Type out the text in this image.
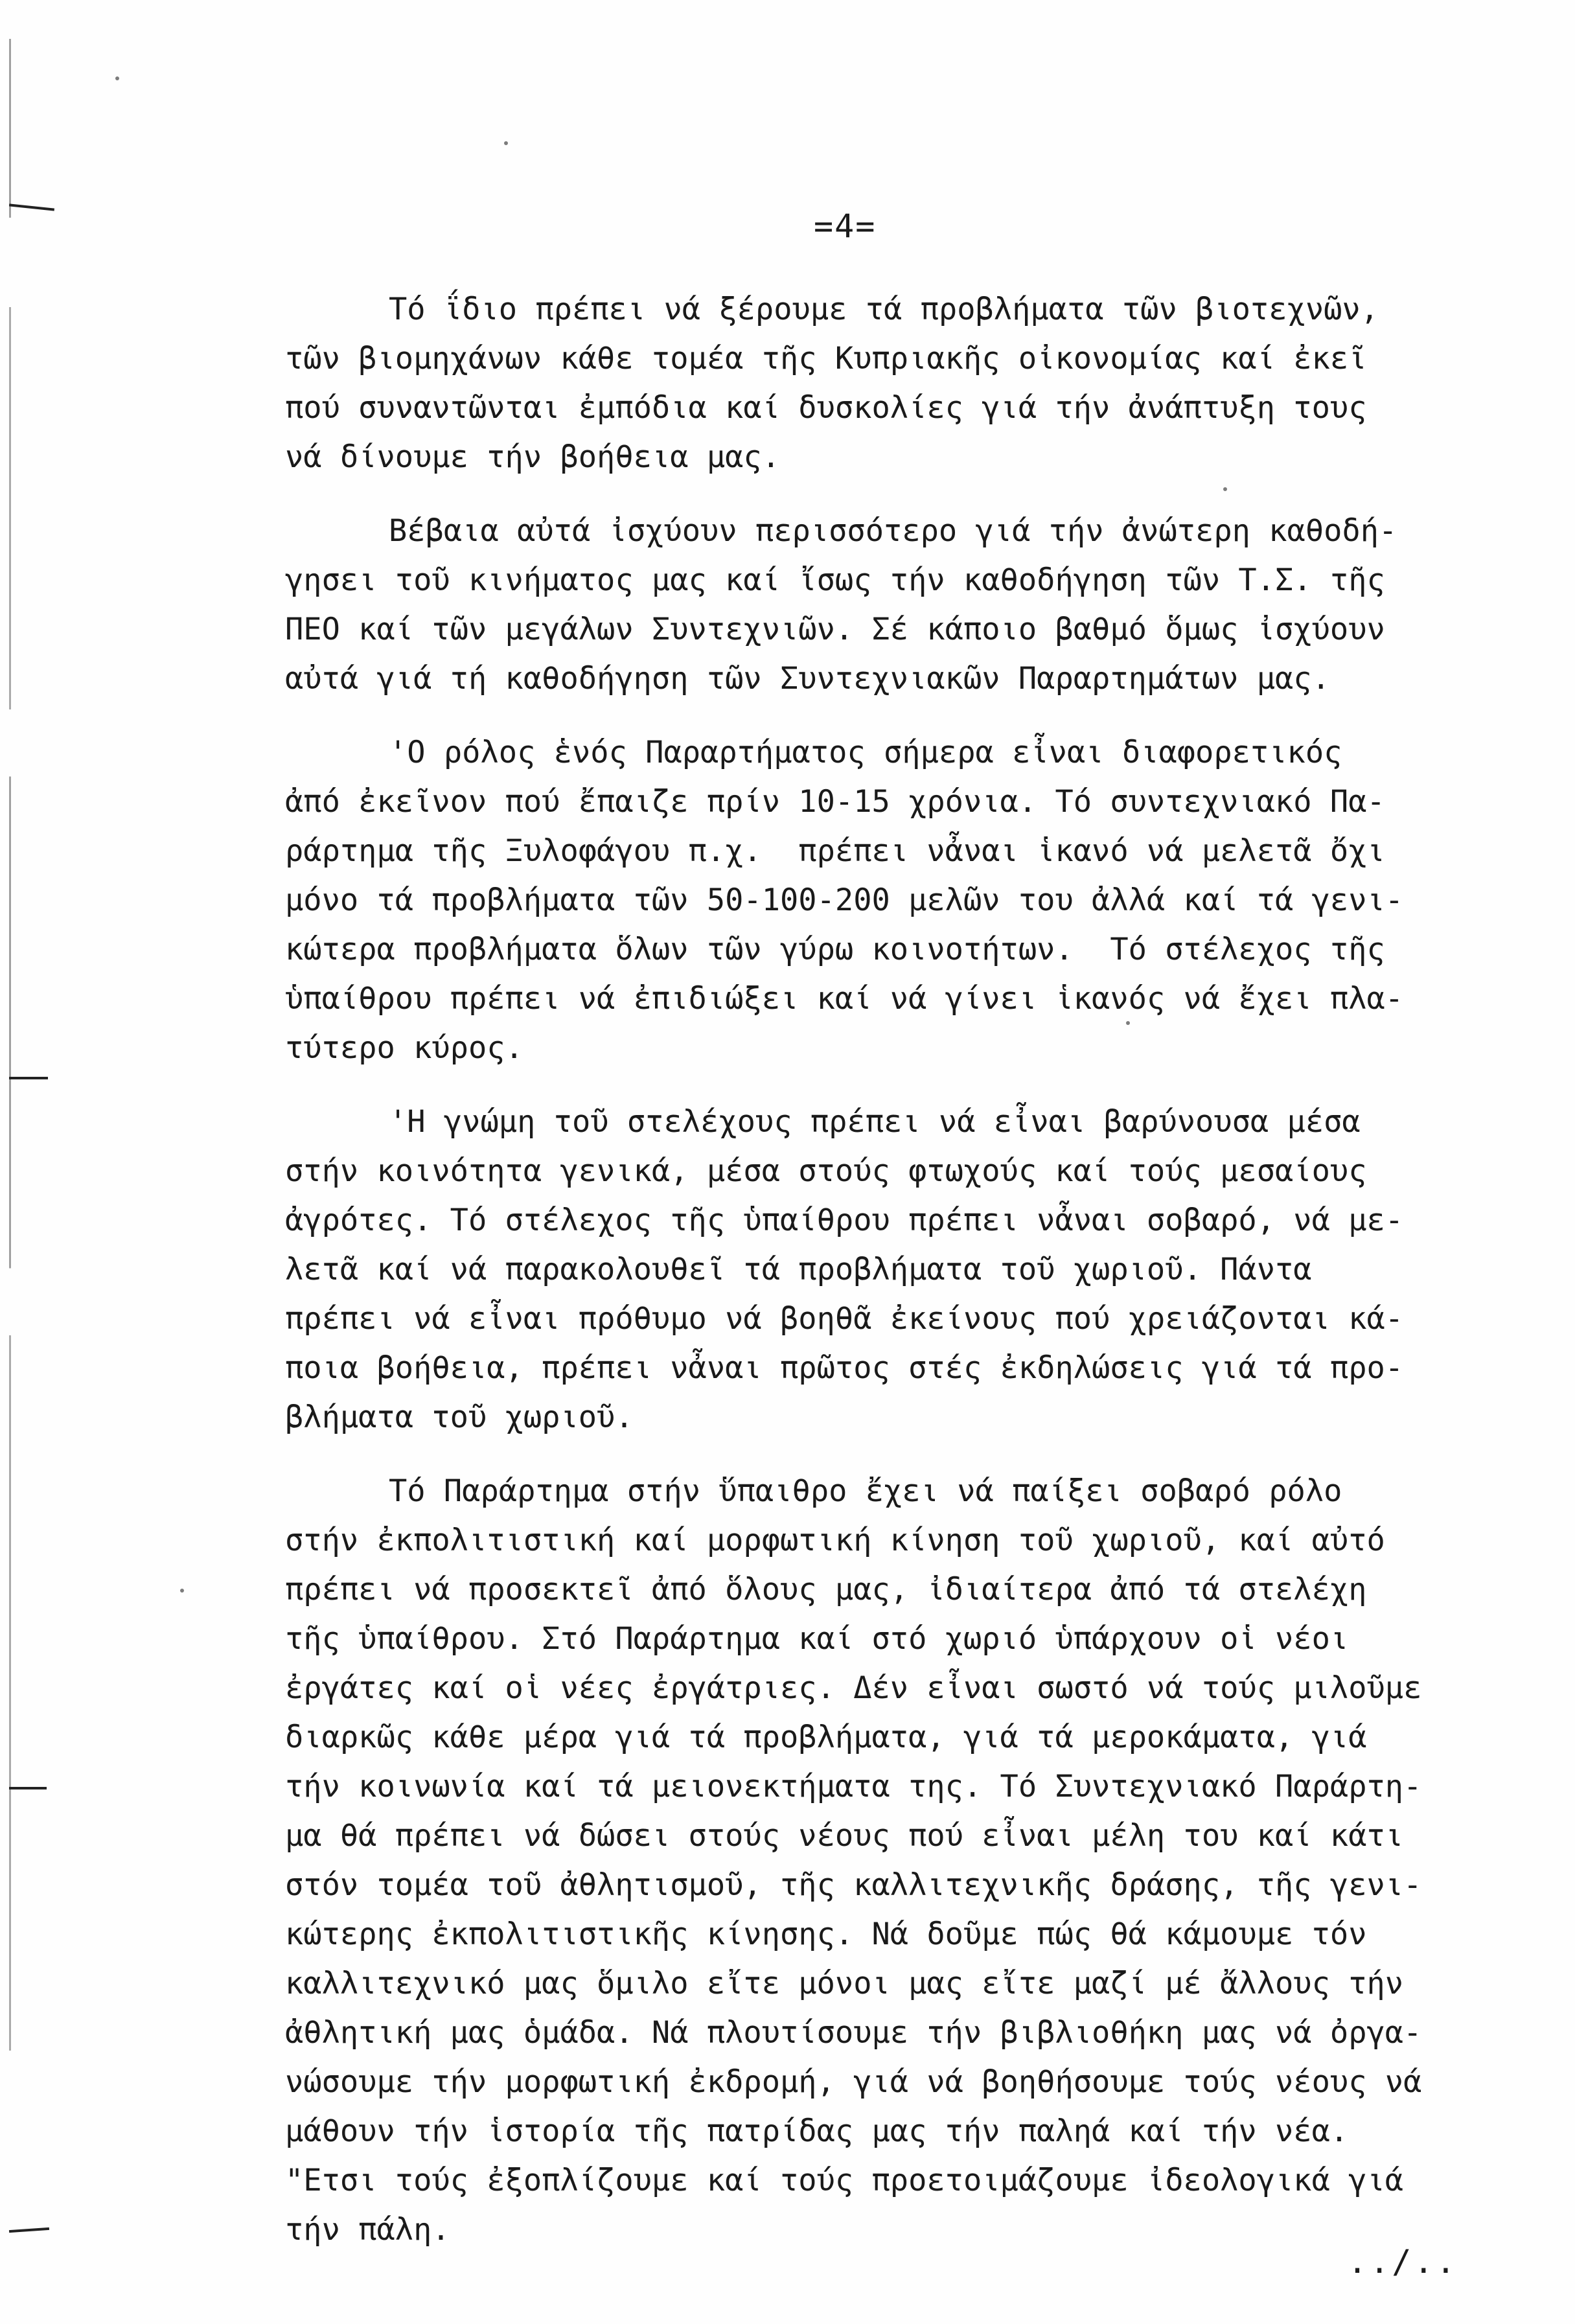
=4=
Τό ΐδιο πρέπει νά ξέρουμε τά προβλήματα τῶν βιοτεχνῶν,
τῶν βιομηχάνων κάθε τομέα τῆς Κυπριακῆς οἰκονομίας καί ἐκεῖ
πού συναντῶνται ἐμπόδια καί δυσκολίες γιά τήν ἀνάπτυξη τους
νά δίνουμε τήν βοήθεια μας.
Βέβαια αὐτά ἰσχύουν περισσότερο γιά τήν ἀνώτερη καθοδή-
γησει τοῦ κινήματος μας καί ἴσως τήν καθοδήγηση τῶν Τ.Σ. τῆς
ΠΕΟ καί τῶν μεγάλων Συντεχνιῶν. Σέ κάποιο βαθμό ὅμως ἰσχύουν
αὐτά γιά τή καθοδήγηση τῶν Συντεχνιακῶν Παραρτημάτων μας.
'Ο ρόλος ἑνός Παραρτήματος σήμερα εἶναι διαφορετικός
ἀπό ἐκεῖνον πού ἔπαιζε πρίν 10-15 χρόνια. Τό συντεχνιακό Πα-
ράρτημα τῆς Ξυλοφάγου π.χ.  πρέπει νἆναι ἱκανό νά μελετᾶ ὄχι
μόνο τά προβλήματα τῶν 50-100-200 μελῶν του ἀλλά καί τά γενι-
κώτερα προβλήματα ὅλων τῶν γύρω κοινοτήτων.  Τό στέλεχος τῆς
ὑπαίθρου πρέπει νά ἐπιδιώξει καί νά γίνει ἱκανός νά ἔχει πλα-
τύτερο κύρος.
'Η γνώμη τοῦ στελέχους πρέπει νά εἶναι βαρύνουσα μέσα
στήν κοινότητα γενικά, μέσα στούς φτωχούς καί τούς μεσαίους
ἀγρότες. Τό στέλεχος τῆς ὑπαίθρου πρέπει νἆναι σοβαρό, νά με-
λετᾶ καί νά παρακολουθεῖ τά προβλήματα τοῦ χωριοῦ. Πάντα
πρέπει νά εἶναι πρόθυμο νά βοηθᾶ ἐκείνους πού χρειάζονται κά-
ποια βοήθεια, πρέπει νἆναι πρῶτος στές ἐκδηλώσεις γιά τά προ-
βλήματα τοῦ χωριοῦ.
Τό Παράρτημα στήν ὕπαιθρο ἔχει νά παίξει σοβαρό ρόλο
στήν ἐκπολιτιστική καί μορφωτική κίνηση τοῦ χωριοῦ, καί αὐτό
πρέπει νά προσεκτεῖ ἀπό ὅλους μας, ἰδιαίτερα ἀπό τά στελέχη
τῆς ὑπαίθρου. Στό Παράρτημα καί στό χωριό ὑπάρχουν οἱ νέοι
ἐργάτες καί οἱ νέες ἐργάτριες. Δέν εἶναι σωστό νά τούς μιλοῦμε
διαρκῶς κάθε μέρα γιά τά προβλήματα, γιά τά μεροκάματα, γιά
τήν κοινωνία καί τά μειονεκτήματα της. Τό Συντεχνιακό Παράρτη-
μα θά πρέπει νά δώσει στούς νέους πού εἶναι μέλη του καί κάτι
στόν τομέα τοῦ ἀθλητισμοῦ, τῆς καλλιτεχνικῆς δράσης, τῆς γενι-
κώτερης ἐκπολιτιστικῆς κίνησης. Νά δοῦμε πώς θά κάμουμε τόν
καλλιτεχνικό μας ὅμιλο εἴτε μόνοι μας εἴτε μαζί μέ ἄλλους τήν
ἀθλητική μας ὁμάδα. Νά πλουτίσουμε τήν βιβλιοθήκη μας νά ὀργα-
νώσουμε τήν μορφωτική ἐκδρομή, γιά νά βοηθήσουμε τούς νέους νά
μάθουν τήν ἱστορία τῆς πατρίδας μας τήν παληά καί τήν νέα.
"Ετσι τούς ἐξοπλίζουμε καί τούς προετοιμάζουμε ἰδεολογικά γιά
τήν πάλη.
../..
